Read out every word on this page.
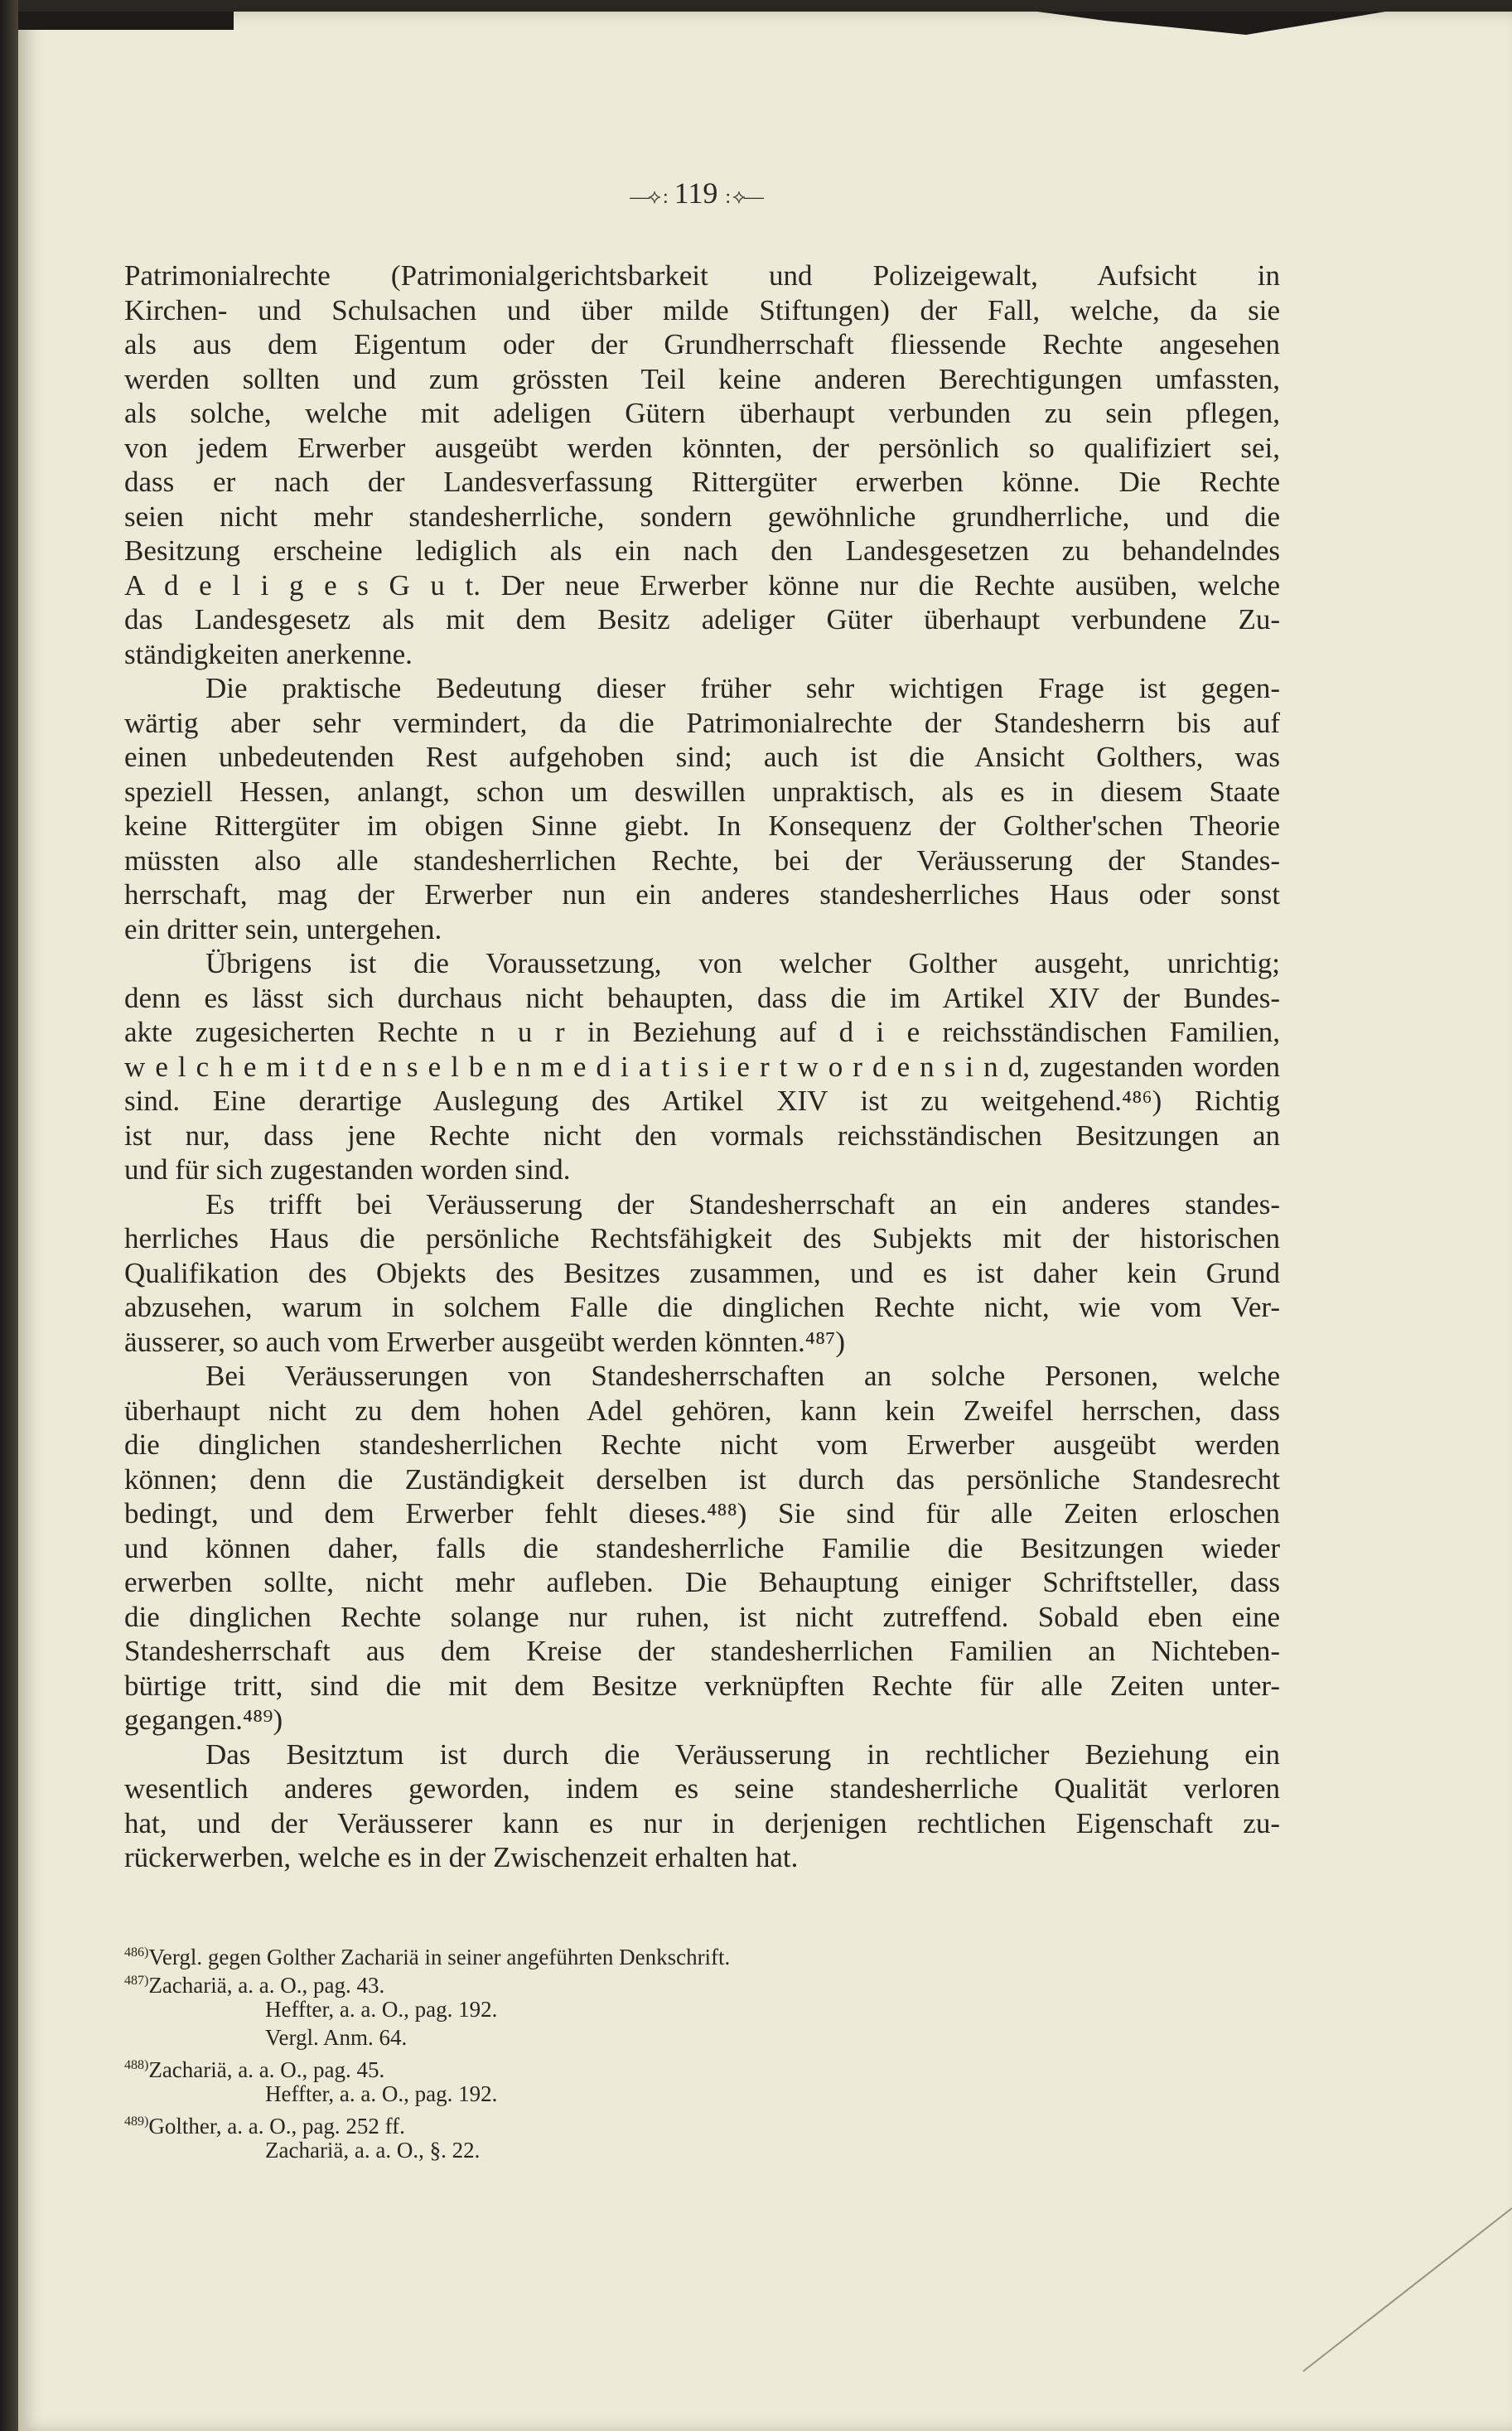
—⟡ : 119 : ⟡—
Patrimonialrechte (Patrimonialgerichtsbarkeit und Polizeigewalt, Aufsicht in
Kirchen- und Schulsachen und über milde Stiftungen) der Fall, welche, da sie
als aus dem Eigentum oder der Grundherrschaft fliessende Rechte angesehen
werden sollten und zum grössten Teil keine anderen Berechtigungen umfassten,
als solche, welche mit adeligen Gütern überhaupt verbunden zu sein pflegen,
von jedem Erwerber ausgeübt werden könnten, der persönlich so qualifiziert sei,
dass er nach der Landesverfassung Rittergüter erwerben könne. Die Rechte
seien nicht mehr standesherrliche, sondern gewöhnliche grundherrliche, und die
Besitzung erscheine lediglich als ein nach den Landesgesetzen zu behandelndes
A d e l i g e s G u t. Der neue Erwerber könne nur die Rechte ausüben, welche
das Landesgesetz als mit dem Besitz adeliger Güter überhaupt verbundene Zu-
ständigkeiten anerkenne.
Die praktische Bedeutung dieser früher sehr wichtigen Frage ist gegen-
wärtig aber sehr vermindert, da die Patrimonialrechte der Standesherrn bis auf
einen unbedeutenden Rest aufgehoben sind; auch ist die Ansicht Golthers, was
speziell Hessen, anlangt, schon um deswillen unpraktisch, als es in diesem Staate
keine Rittergüter im obigen Sinne giebt. In Konsequenz der Golther'schen Theorie
müssten also alle standesherrlichen Rechte, bei der Veräusserung der Standes-
herrschaft, mag der Erwerber nun ein anderes standesherrliches Haus oder sonst
ein dritter sein, untergehen.
Übrigens ist die Voraussetzung, von welcher Golther ausgeht, unrichtig;
denn es lässt sich durchaus nicht behaupten, dass die im Artikel XIV der Bundes-
akte zugesicherten Rechte n u r in Beziehung auf d i e reichsständischen Familien,
w e l c h e m i t d e n s e l b e n m e d i a t i s i e r t w o r d e n s i n d, zugestanden worden
sind. Eine derartige Auslegung des Artikel XIV ist zu weitgehend.⁴⁸⁶) Richtig
ist nur, dass jene Rechte nicht den vormals reichsständischen Besitzungen an
und für sich zugestanden worden sind.
Es trifft bei Veräusserung der Standesherrschaft an ein anderes standes-
herrliches Haus die persönliche Rechtsfähigkeit des Subjekts mit der historischen
Qualifikation des Objekts des Besitzes zusammen, und es ist daher kein Grund
abzusehen, warum in solchem Falle die dinglichen Rechte nicht, wie vom Ver-
äusserer, so auch vom Erwerber ausgeübt werden könnten.⁴⁸⁷)
Bei Veräusserungen von Standesherrschaften an solche Personen, welche
überhaupt nicht zu dem hohen Adel gehören, kann kein Zweifel herrschen, dass
die dinglichen standesherrlichen Rechte nicht vom Erwerber ausgeübt werden
können; denn die Zuständigkeit derselben ist durch das persönliche Standesrecht
bedingt, und dem Erwerber fehlt dieses.⁴⁸⁸) Sie sind für alle Zeiten erloschen
und können daher, falls die standesherrliche Familie die Besitzungen wieder
erwerben sollte, nicht mehr aufleben. Die Behauptung einiger Schriftsteller, dass
die dinglichen Rechte solange nur ruhen, ist nicht zutreffend. Sobald eben eine
Standesherrschaft aus dem Kreise der standesherrlichen Familien an Nichteben-
bürtige tritt, sind die mit dem Besitze verknüpften Rechte für alle Zeiten unter-
gegangen.⁴⁸⁹)
Das Besitztum ist durch die Veräusserung in rechtlicher Beziehung ein
wesentlich anderes geworden, indem es seine standesherrliche Qualität verloren
hat, und der Veräusserer kann es nur in derjenigen rechtlichen Eigenschaft zu-
rückerwerben, welche es in der Zwischenzeit erhalten hat.
$^{486)}$Vergl. gegen Golther Zachariä in seiner angeführten Denkschrift.
$^{487)}$Zachariä, a. a. O., pag. 43.
Heffter, a. a. O., pag. 192.
Vergl. Anm. 64.
$^{488)}$Zachariä, a. a. O., pag. 45.
Heffter, a. a. O., pag. 192.
$^{489)}$Golther, a. a. O., pag. 252 ff.
Zachariä, a. a. O., §. 22.
